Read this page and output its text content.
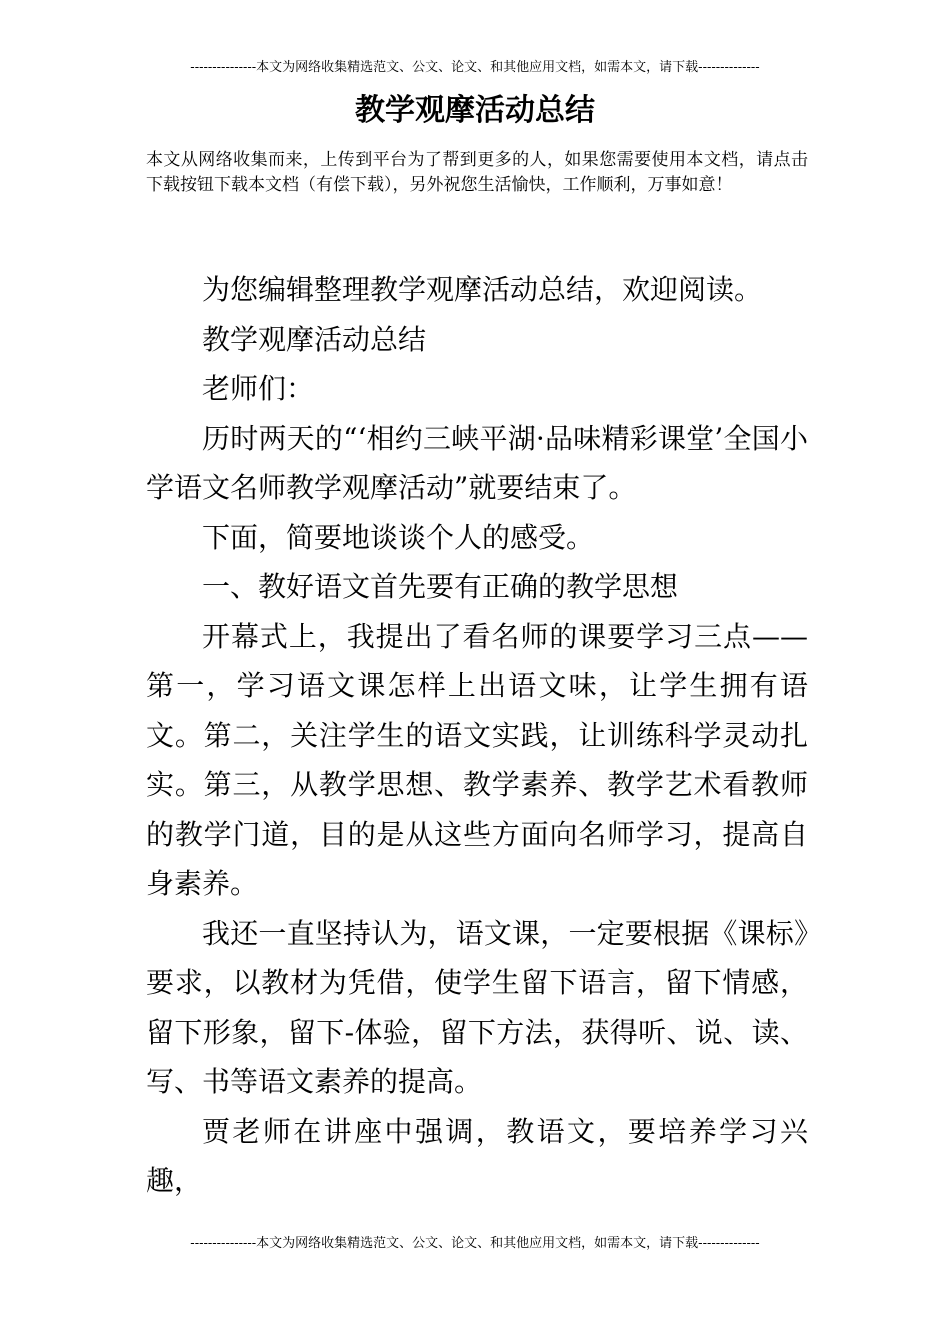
---------------本文为网络收集精选范文、公文、论文、和其他应用文档，如需本文，请下载--------------
教学观摩活动总结

本文从网络收集而来，上传到平台为了帮到更多的人，如果您需要使用本文档，请点击下载按钮下载本文档（有偿下载），另外祝您生活愉快，工作顺利，万事如意！

为您编辑整理教学观摩活动总结，欢迎阅读。

教学观摩活动总结

老师们：

历时两天的“‘相约三峡平湖·品味精彩课堂’全国小学语文名师教学观摩活动”就要结束了。

下面，简要地谈谈个人的感受。

一、教好语文首先要有正确的教学思想

开幕式上，我提出了看名师的课要学习三点——第一，学习语文课怎样上出语文味，让学生拥有语文。第二，关注学生的语文实践，让训练科学灵动扎实。第三，从教学思想、教学素养、教学艺术看教师的教学门道，目的是从这些方面向名师学习，提高自身素养。

我还一直坚持认为，语文课，一定要根据《课标》要求，以教材为凭借，使学生留下语言，留下情感，留下形象，留下-体验，留下方法，获得听、说、读、写、书等语文素养的提高。

贾老师在讲座中强调，教语文，要培养学习兴趣，

---------------本文为网络收集精选范文、公文、论文、和其他应用文档，如需本文，请下载--------------
